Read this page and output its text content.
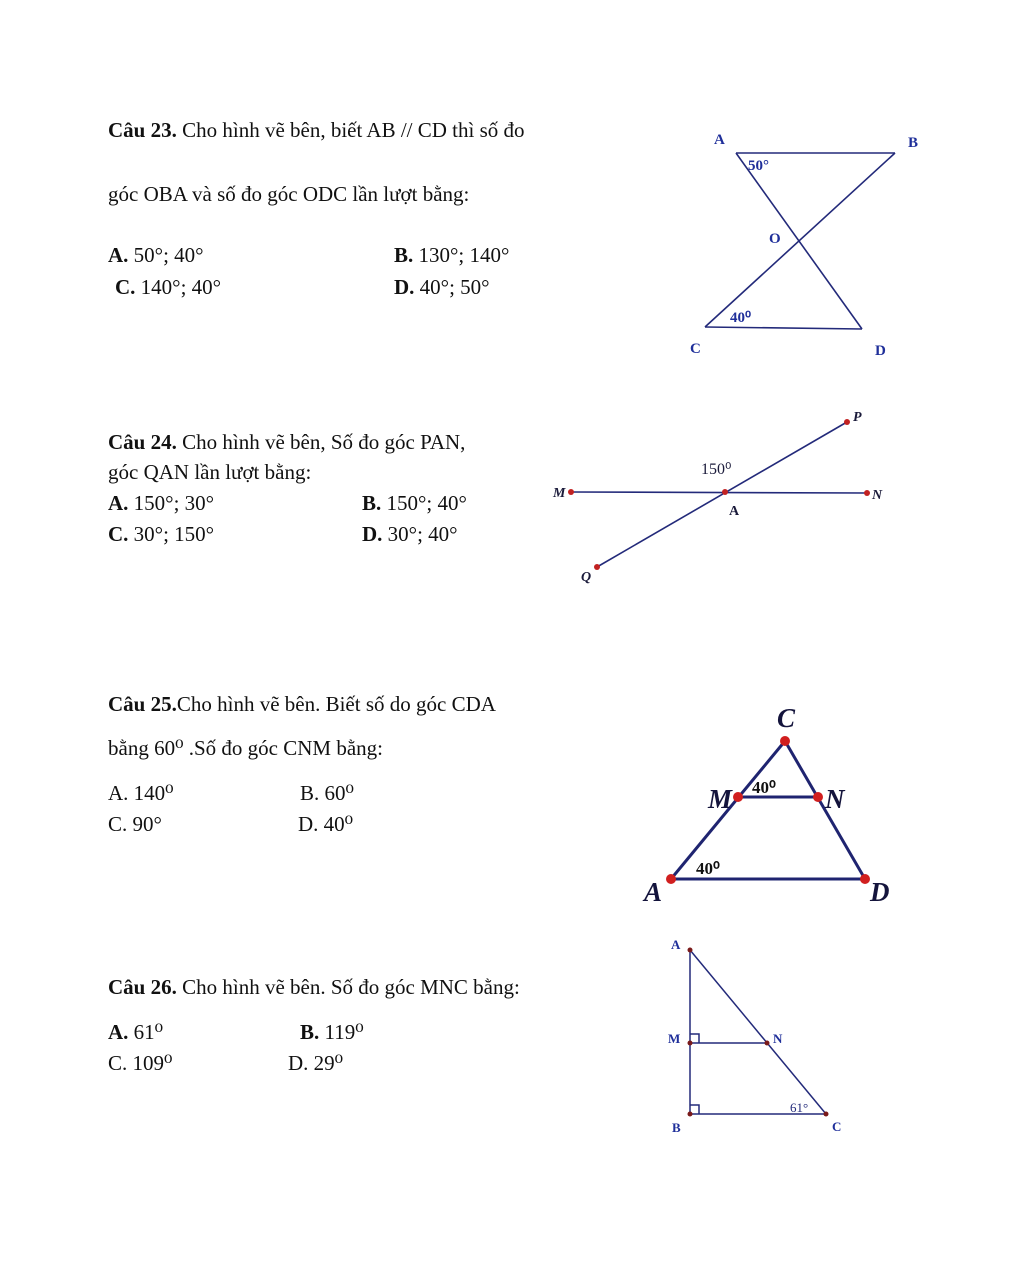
Câu 23. Cho hình vẽ bên, biết AB // CD thì số đo
góc OBA và số đo góc ODC lần lượt bằng:
A. 50°; 40°	B. 130°; 140°
C. 140°; 40°	D. 40°; 50°
A	B
O
C	D
50°
40⁰
Câu 24. Cho hình vẽ bên, Số đo góc PAN,
góc QAN lần lượt bằng:
A. 150°; 30°	B. 150°; 40°
C. 30°; 150°	D. 30°; 40°
P
M	N
A
Q
150⁰
Câu 25.Cho hình vẽ bên. Biết số do góc CDA
bằng 60⁰ .Số đo góc CNM bằng:
A. 140⁰	B. 60⁰
C. 90°	D. 40⁰
C
M	N
A	D
40⁰
40⁰
Câu 26. Cho hình vẽ bên. Số đo góc MNC bằng:
A. 61⁰	B. 119⁰
C. 109⁰	D. 29⁰
A
M	N
B	C
61°
